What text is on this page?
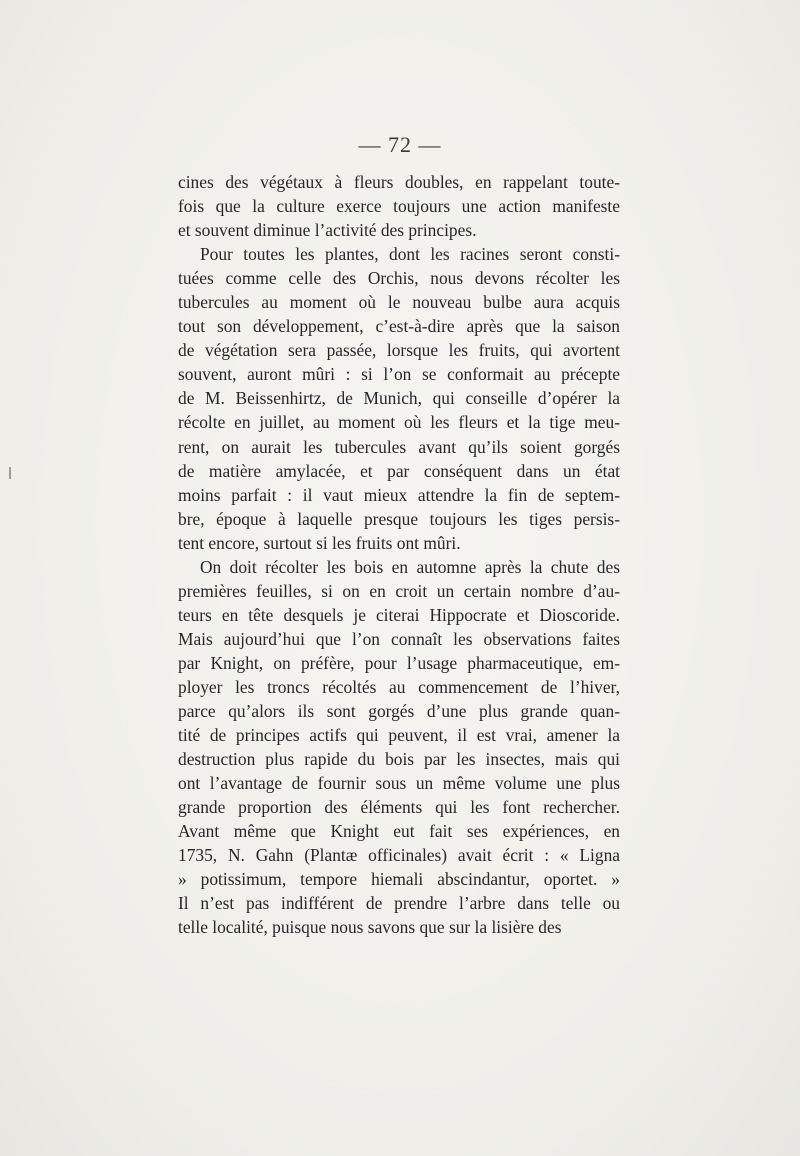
— 72 —
cines des végétaux à fleurs doubles, en rappelant toute-
fois que la culture exerce toujours une action manifeste
et souvent diminue l’activité des principes.
Pour toutes les plantes, dont les racines seront consti-
tuées comme celle des Orchis, nous devons récolter les
tubercules au moment où le nouveau bulbe aura acquis
tout son développement, c’est-à-dire après que la saison
de végétation sera passée, lorsque les fruits, qui avortent
souvent, auront mûri : si l’on se conformait au précepte
de M. Beissenhirtz, de Munich, qui conseille d’opérer la
récolte en juillet, au moment où les fleurs et la tige meu-
rent, on aurait les tubercules avant qu’ils soient gorgés
de matière amylacée, et par conséquent dans un état
moins parfait : il vaut mieux attendre la fin de septem-
bre, époque à laquelle presque toujours les tiges persis-
tent encore, surtout si les fruits ont mûri.
On doit récolter les bois en automne après la chute des
premières feuilles, si on en croit un certain nombre d’au-
teurs en tête desquels je citerai Hippocrate et Dioscoride.
Mais aujourd’hui que l’on connaît les observations faites
par Knight, on préfère, pour l’usage pharmaceutique, em-
ployer les troncs récoltés au commencement de l’hiver,
parce qu’alors ils sont gorgés d’une plus grande quan-
tité de principes actifs qui peuvent, il est vrai, amener la
destruction plus rapide du bois par les insectes, mais qui
ont l’avantage de fournir sous un même volume une plus
grande proportion des éléments qui les font rechercher.
Avant même que Knight eut fait ses expériences, en
1735, N. Gahn (Plantæ officinales) avait écrit : « Ligna
» potissimum, tempore hiemali abscindantur, oportet. »
Il n’est pas indifférent de prendre l’arbre dans telle ou
telle localité, puisque nous savons que sur la lisière des
